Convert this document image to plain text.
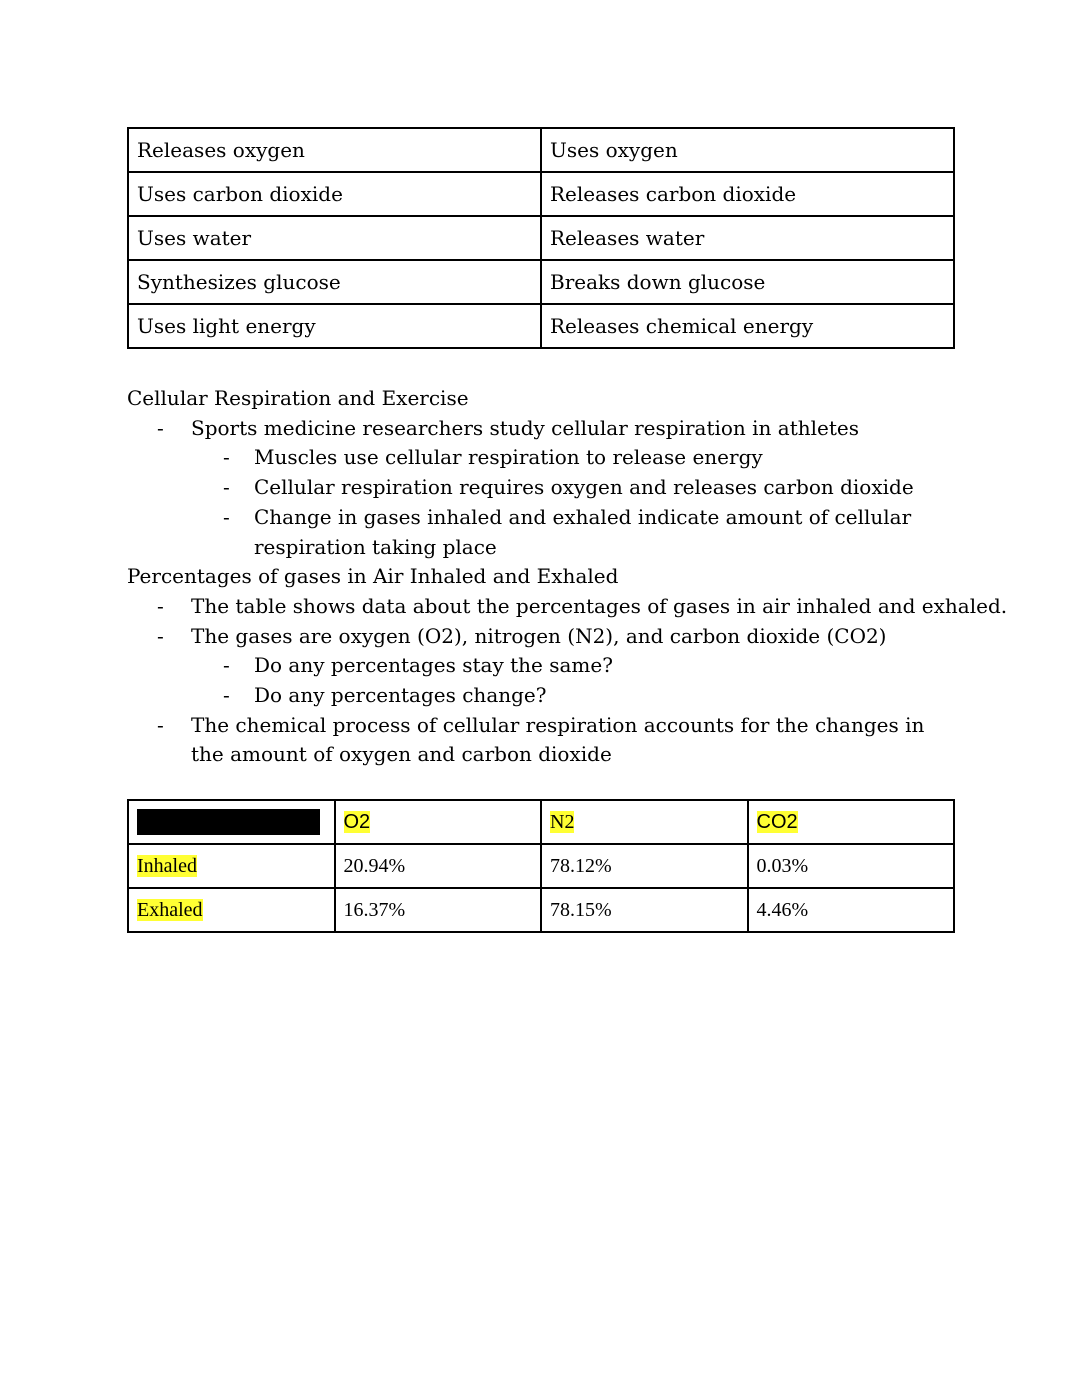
Releases oxygen	Uses oxygen
Uses carbon dioxide	Releases carbon dioxide
Uses water	Releases water
Synthesizes glucose	Breaks down glucose
Uses light energy	Releases chemical energy
Cellular Respiration and Exercise
- Sports medicine researchers study cellular respiration in athletes
- Muscles use cellular respiration to release energy
- Cellular respiration requires oxygen and releases carbon dioxide
- Change in gases inhaled and exhaled indicate amount of cellular respiration taking place
Percentages of gases in Air Inhaled and Exhaled
- The table shows data about the percentages of gases in air inhaled and exhaled.
- The gases are oxygen (O2), nitrogen (N2), and carbon dioxide (CO2)
- Do any percentages stay the same?
- Do any percentages change?
- The chemical process of cellular respiration accounts for the changes in the amount of oxygen and carbon dioxide
	O2	N2	CO2
Inhaled	20.94%	78.12%	0.03%
Exhaled	16.37%	78.15%	4.46%
